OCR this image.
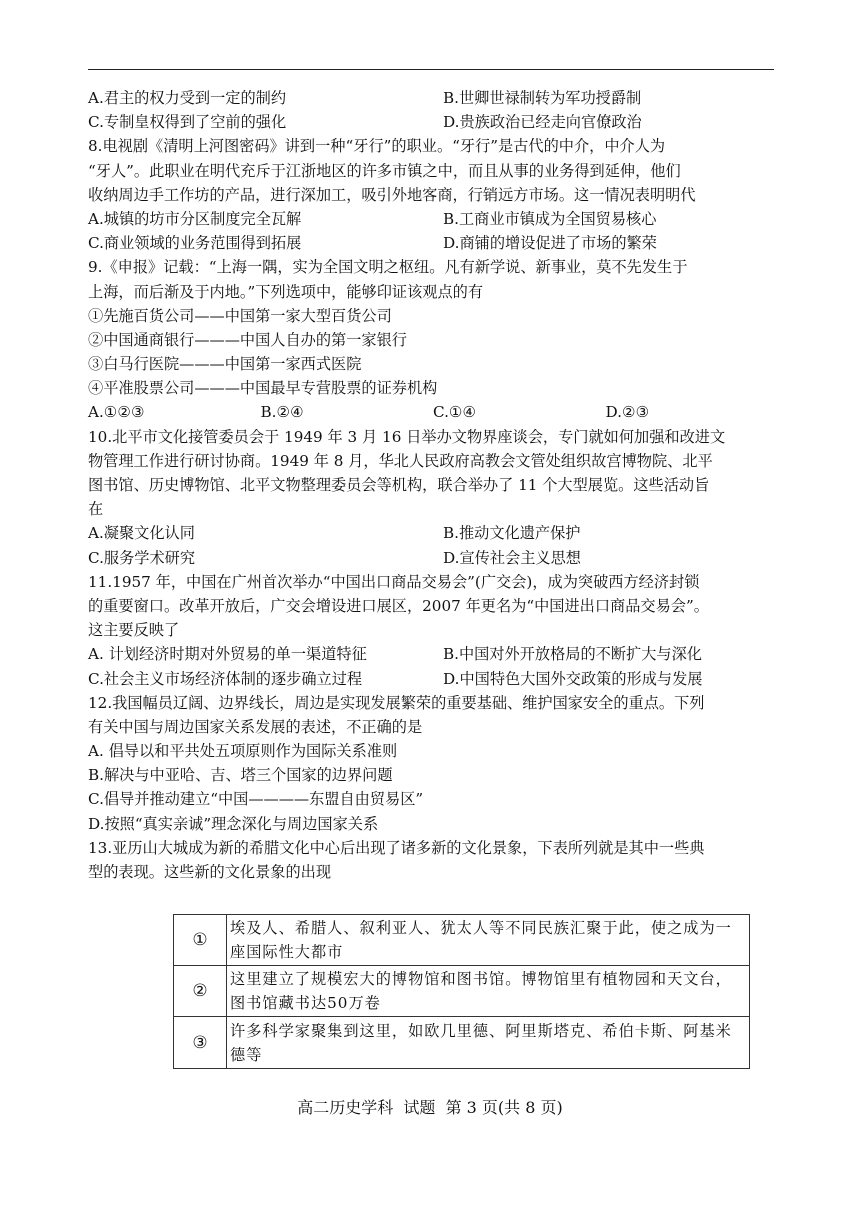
A.君主的权力受到一定的制约	B.世卿世禄制转为军功授爵制
C.专制皇权得到了空前的强化	D.贵族政治已经走向官僚政治
8.电视剧《清明上河图密码》讲到一种“牙行”的职业。“牙行”是古代的中介，中介人为
“牙人”。此职业在明代充斥于江浙地区的许多市镇之中，而且从事的业务得到延伸，他们
收纳周边手工作坊的产品，进行深加工，吸引外地客商，行销远方市场。这一情况表明明代
A.城镇的坊市分区制度完全瓦解	B.工商业市镇成为全国贸易核心
C.商业领域的业务范围得到拓展	D.商铺的增设促进了市场的繁荣
9.《申报》记载：“上海一隅，实为全国文明之枢纽。凡有新学说、新事业，莫不先发生于
上海，而后渐及于内地。”下列选项中，能够印证该观点的有
①先施百货公司——中国第一家大型百货公司
②中国通商银行———中国人自办的第一家银行
③白马行医院———中国第一家西式医院
④平准股票公司———中国最早专营股票的证券机构
A.①②③	B.②④	C.①④	D.②③
10.北平市文化接管委员会于 1949 年 3 月 16 日举办文物界座谈会，专门就如何加强和改进文
物管理工作进行研讨协商。1949 年 8 月，华北人民政府高教会文管处组织故宫博物院、北平
图书馆、历史博物馆、北平文物整理委员会等机构，联合举办了 11 个大型展览。这些活动旨
在
A.凝聚文化认同	B.推动文化遗产保护
C.服务学术研究	D.宣传社会主义思想
11.1957 年，中国在广州首次举办“中国出口商品交易会”(广交会)，成为突破西方经济封锁
的重要窗口。改革开放后，广交会增设进口展区，2007 年更名为“中国进出口商品交易会”。
这主要反映了
A. 计划经济时期对外贸易的单一渠道特征	B.中国对外开放格局的不断扩大与深化
C.社会主义市场经济体制的逐步确立过程	D.中国特色大国外交政策的形成与发展
12.我国幅员辽阔、边界线长，周边是实现发展繁荣的重要基础、维护国家安全的重点。下列
有关中国与周边国家关系发展的表述，不正确的是
A. 倡导以和平共处五项原则作为国际关系准则
B.解决与中亚哈、吉、塔三个国家的边界问题
C.倡导并推动建立“中国————东盟自由贸易区”
D.按照“真实亲诚”理念深化与周边国家关系
13.亚历山大城成为新的希腊文化中心后出现了诸多新的文化景象，下表所列就是其中一些典
型的表现。这些新的文化景象的出现
①	埃及人、希腊人、叙利亚人、犹太人等不同民族汇聚于此，使之成为一座国际性大都市
②	这里建立了规模宏大的博物馆和图书馆。博物馆里有植物园和天文台，图书馆藏书达50万卷
③	许多科学家聚集到这里，如欧几里德、阿里斯塔克、希伯卡斯、阿基米德等
高二历史学科  试题  第 3 页(共 8 页)
